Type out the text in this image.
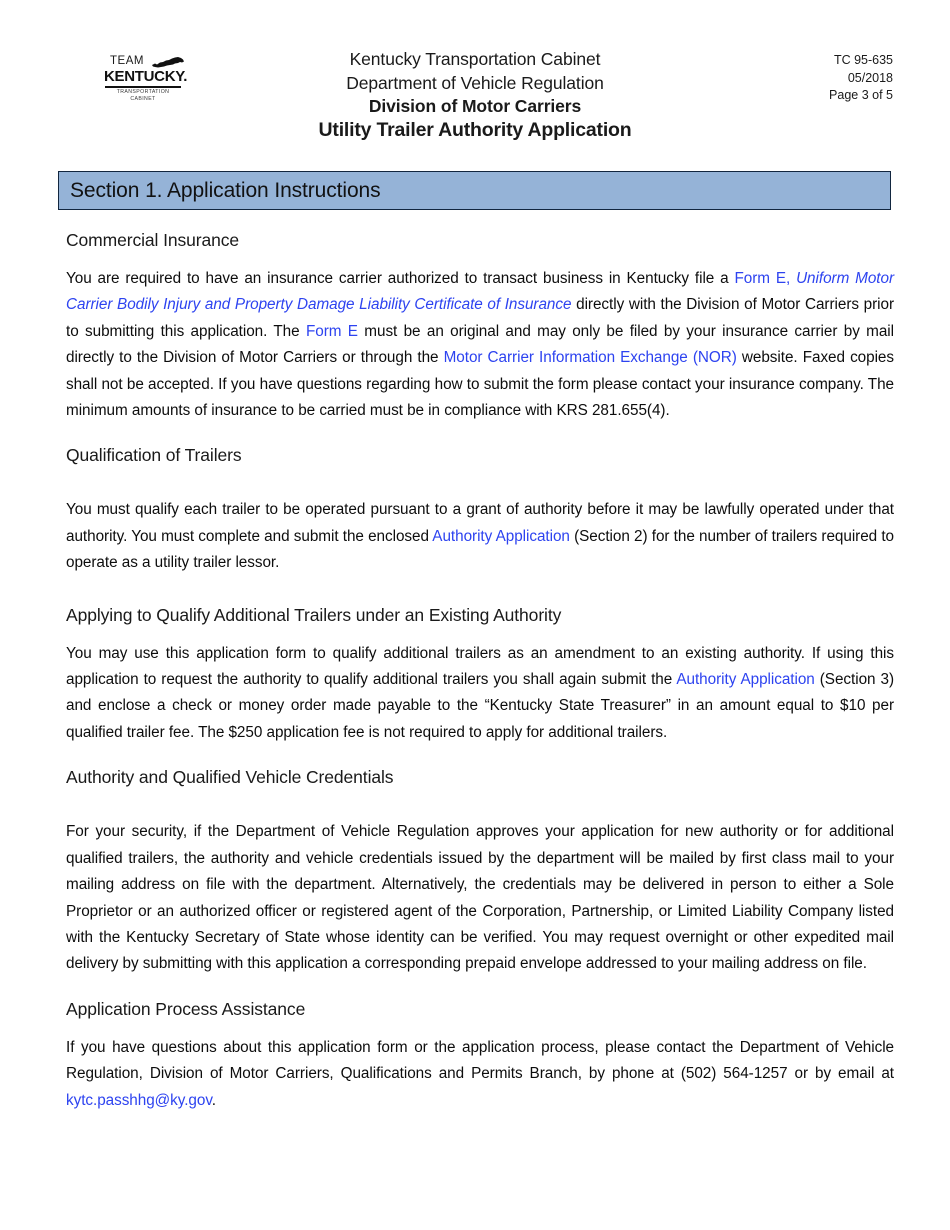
TEAM
KENTUCKY.
TRANSPORTATION
CABINET
Kentucky Transportation Cabinet
Department of Vehicle Regulation
Division of Motor Carriers
Utility Trailer Authority Application
TC 95-635
05/2018
Page 3 of 5
Section 1. Application Instructions
Commercial Insurance

You are required to have an insurance carrier authorized to transact business in Kentucky file a Form E, Uniform Motor Carrier Bodily Injury and Property Damage Liability Certificate of Insurance directly with the Division of Motor Carriers prior to submitting this application. The Form E must be an original and may only be filed by your insurance carrier by mail directly to the Division of Motor Carriers or through the Motor Carrier Information Exchange (NOR) website. Faxed copies shall not be accepted. If you have questions regarding how to submit the form please contact your insurance company. The minimum amounts of insurance to be carried must be in compliance with KRS 281.655(4).

Qualification of Trailers

You must qualify each trailer to be operated pursuant to a grant of authority before it may be lawfully operated under that authority. You must complete and submit the enclosed Authority Application (Section 2) for the number of trailers required to operate as a utility trailer lessor.

Applying to Qualify Additional Trailers under an Existing Authority

You may use this application form to qualify additional trailers as an amendment to an existing authority. If using this application to request the authority to qualify additional trailers you shall again submit the Authority Application (Section 3) and enclose a check or money order made payable to the “Kentucky State Treasurer” in an amount equal to $10 per qualified trailer fee. The $250 application fee is not required to apply for additional trailers.

Authority and Qualified Vehicle Credentials

For your security, if the Department of Vehicle Regulation approves your application for new authority or for additional qualified trailers, the authority and vehicle credentials issued by the department will be mailed by first class mail to your mailing address on file with the department. Alternatively, the credentials may be delivered in person to either a Sole Proprietor or an authorized officer or registered agent of the Corporation, Partnership, or Limited Liability Company listed with the Kentucky Secretary of State whose identity can be verified. You may request overnight or other expedited mail delivery by submitting with this application a corresponding prepaid envelope addressed to your mailing address on file.

Application Process Assistance

If you have questions about this application form or the application process, please contact the Department of Vehicle Regulation, Division of Motor Carriers, Qualifications and Permits Branch, by phone at (502) 564-1257 or by email at kytc.passhhg@ky.gov.
